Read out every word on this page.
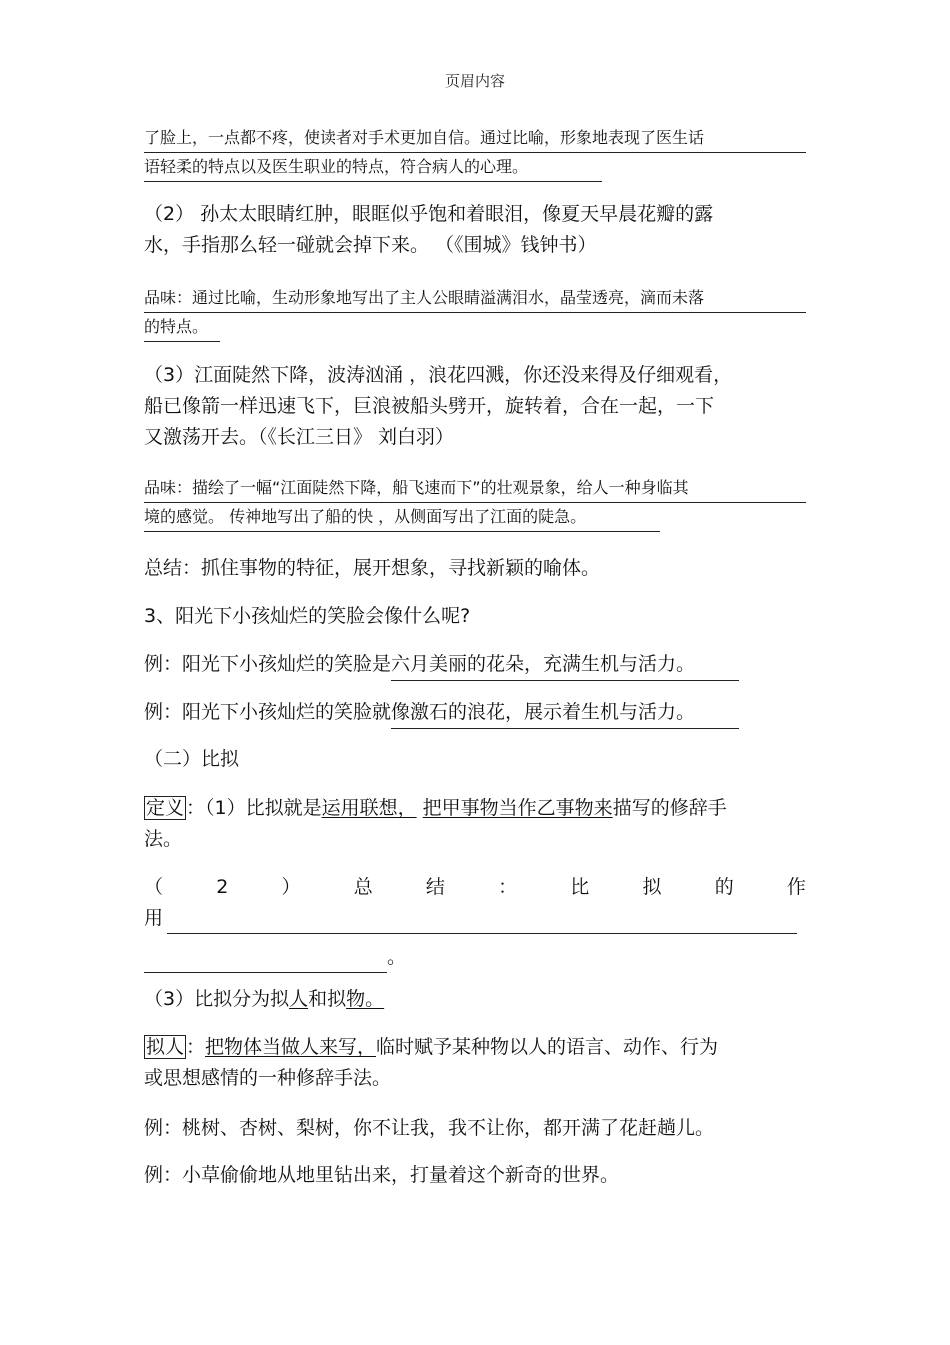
页眉内容
了脸上，一点都不疼，使读者对手术更加自信。通过比喻，形象地表现了医生话
语轻柔的特点以及医生职业的特点，符合病人的心理。
（2） 孙太太眼睛红肿，眼眶似乎饱和着眼泪，像夏天早晨花瓣的露
水，手指那么轻一碰就会掉下来。 （《围城》钱钟书）
品味：通过比喻，生动形象地写出了主人公眼睛溢满泪水，晶莹透亮，滴而未落
的特点。
（3）江面陡然下降，波涛汹涌 ，浪花四溅，你还没来得及仔细观看，
船已像箭一样迅速飞下，巨浪被船头劈开，旋转着，合在一起，一下
又激荡开去。（《长江三日》 刘白羽）
品味：描绘了一幅“江面陡然下降，船飞速而下”的壮观景象，给人一种身临其
境的感觉。 传神地写出了船的快 ，从侧面写出了江面的陡急。
总结：抓住事物的特征，展开想象，寻找新颖的喻体。
3、阳光下小孩灿烂的笑脸会像什么呢?
例：阳光下小孩灿烂的笑脸是六月美丽的花朵，充满生机与活力。
例：阳光下小孩灿烂的笑脸就像激石的浪花，展示着生机与活力。
（二）比拟
定义 ：（1）比拟就是运用联想， 把甲事物当作乙事物来描写的修辞手
法。
（	2	）	总	结	：	比	拟	的	作
用
。
（3）比拟分为拟人和拟物。
拟人 ：把物体当做人来写，临时赋予某种物以人的语言、动作、行为
或思想感情的一种修辞手法。
例：桃树、杏树、梨树，你不让我，我不让你，都开满了花赶趟儿。
例：小草偷偷地从地里钻出来，打量着这个新奇的世界。
